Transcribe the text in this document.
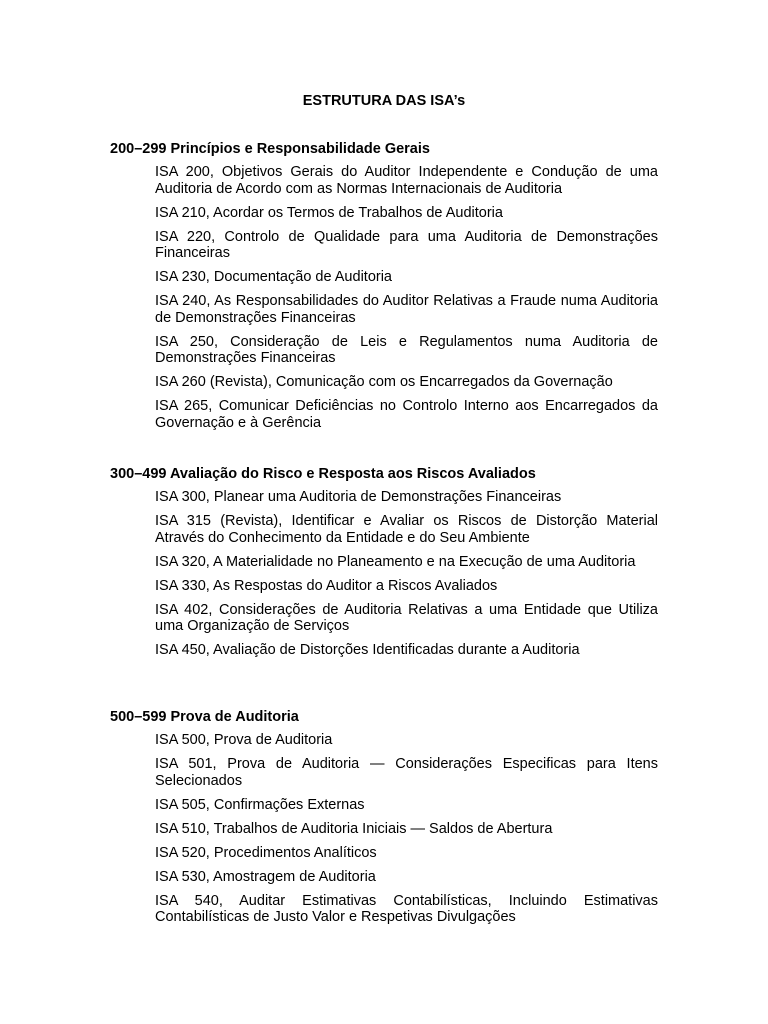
ESTRUTURA DAS ISA’s
200–299 Princípios e Responsabilidade Gerais
ISA 200, Objetivos Gerais do Auditor Independente e Condução de uma Auditoria de Acordo com as Normas Internacionais de Auditoria
ISA 210, Acordar os Termos de Trabalhos de Auditoria
ISA 220, Controlo de Qualidade para uma Auditoria de Demonstrações Financeiras
ISA 230, Documentação de Auditoria
ISA 240, As Responsabilidades do Auditor Relativas a Fraude numa Auditoria de Demonstrações Financeiras
ISA 250, Consideração de Leis e Regulamentos numa Auditoria de Demonstrações Financeiras
ISA 260 (Revista), Comunicação com os Encarregados da Governação
ISA 265, Comunicar Deficiências no Controlo Interno aos Encarregados da Governação e à Gerência
300–499 Avaliação do Risco e Resposta aos Riscos Avaliados
ISA 300, Planear uma Auditoria de Demonstrações Financeiras
ISA 315 (Revista), Identificar e Avaliar os Riscos de Distorção Material Através do Conhecimento da Entidade e do Seu Ambiente
ISA 320, A Materialidade no Planeamento e na Execução de uma Auditoria
ISA 330, As Respostas do Auditor a Riscos Avaliados
ISA 402, Considerações de Auditoria Relativas a uma Entidade que Utiliza uma Organização de Serviços
ISA 450, Avaliação de Distorções Identificadas durante a Auditoria
500–599 Prova de Auditoria
ISA 500, Prova de Auditoria
ISA 501, Prova de Auditoria — Considerações Especificas para Itens Selecionados
ISA 505, Confirmações Externas
ISA 510, Trabalhos de Auditoria Iniciais — Saldos de Abertura
ISA 520, Procedimentos Analíticos
ISA 530, Amostragem de Auditoria
ISA 540, Auditar Estimativas Contabilísticas, Incluindo Estimativas Contabilísticas de Justo Valor e Respetivas Divulgações
